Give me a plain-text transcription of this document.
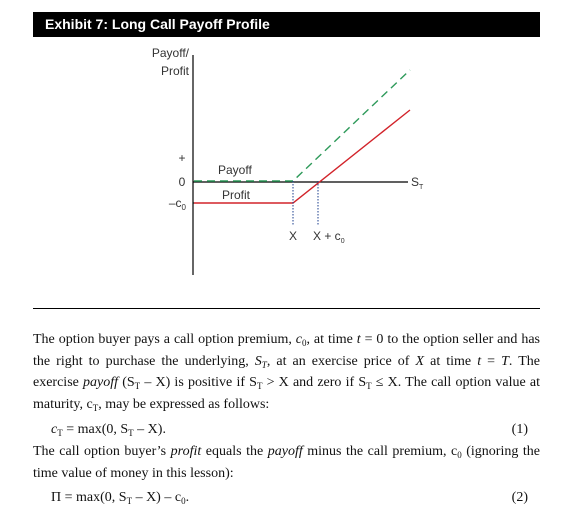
Exhibit 7: Long Call Payoff Profile
Payoff/
Profit
+
0
$-c_0$
Payoff
Profit
$S_T$
X $X + c_0$

The option buyer pays a call option premium, $c_0$, at time t = 0 to the option seller and has the right to purchase the underlying, $S_T$, at an exercise price of X at time t = T. The exercise payoff $(S_T - X)$ is positive if $S_T > X$ and zero if $S_T \le X$. The call option value at maturity, $c_T$, may be expressed as follows:

$c_T = \max(0$, $S_T - X$).	(1)

The call option buyer’s profit equals the payoff minus the call premium, $c_0$ (ignoring the time value of money in this lesson):

Π = max(0, $S_T - X) - c_0$.	(2)
